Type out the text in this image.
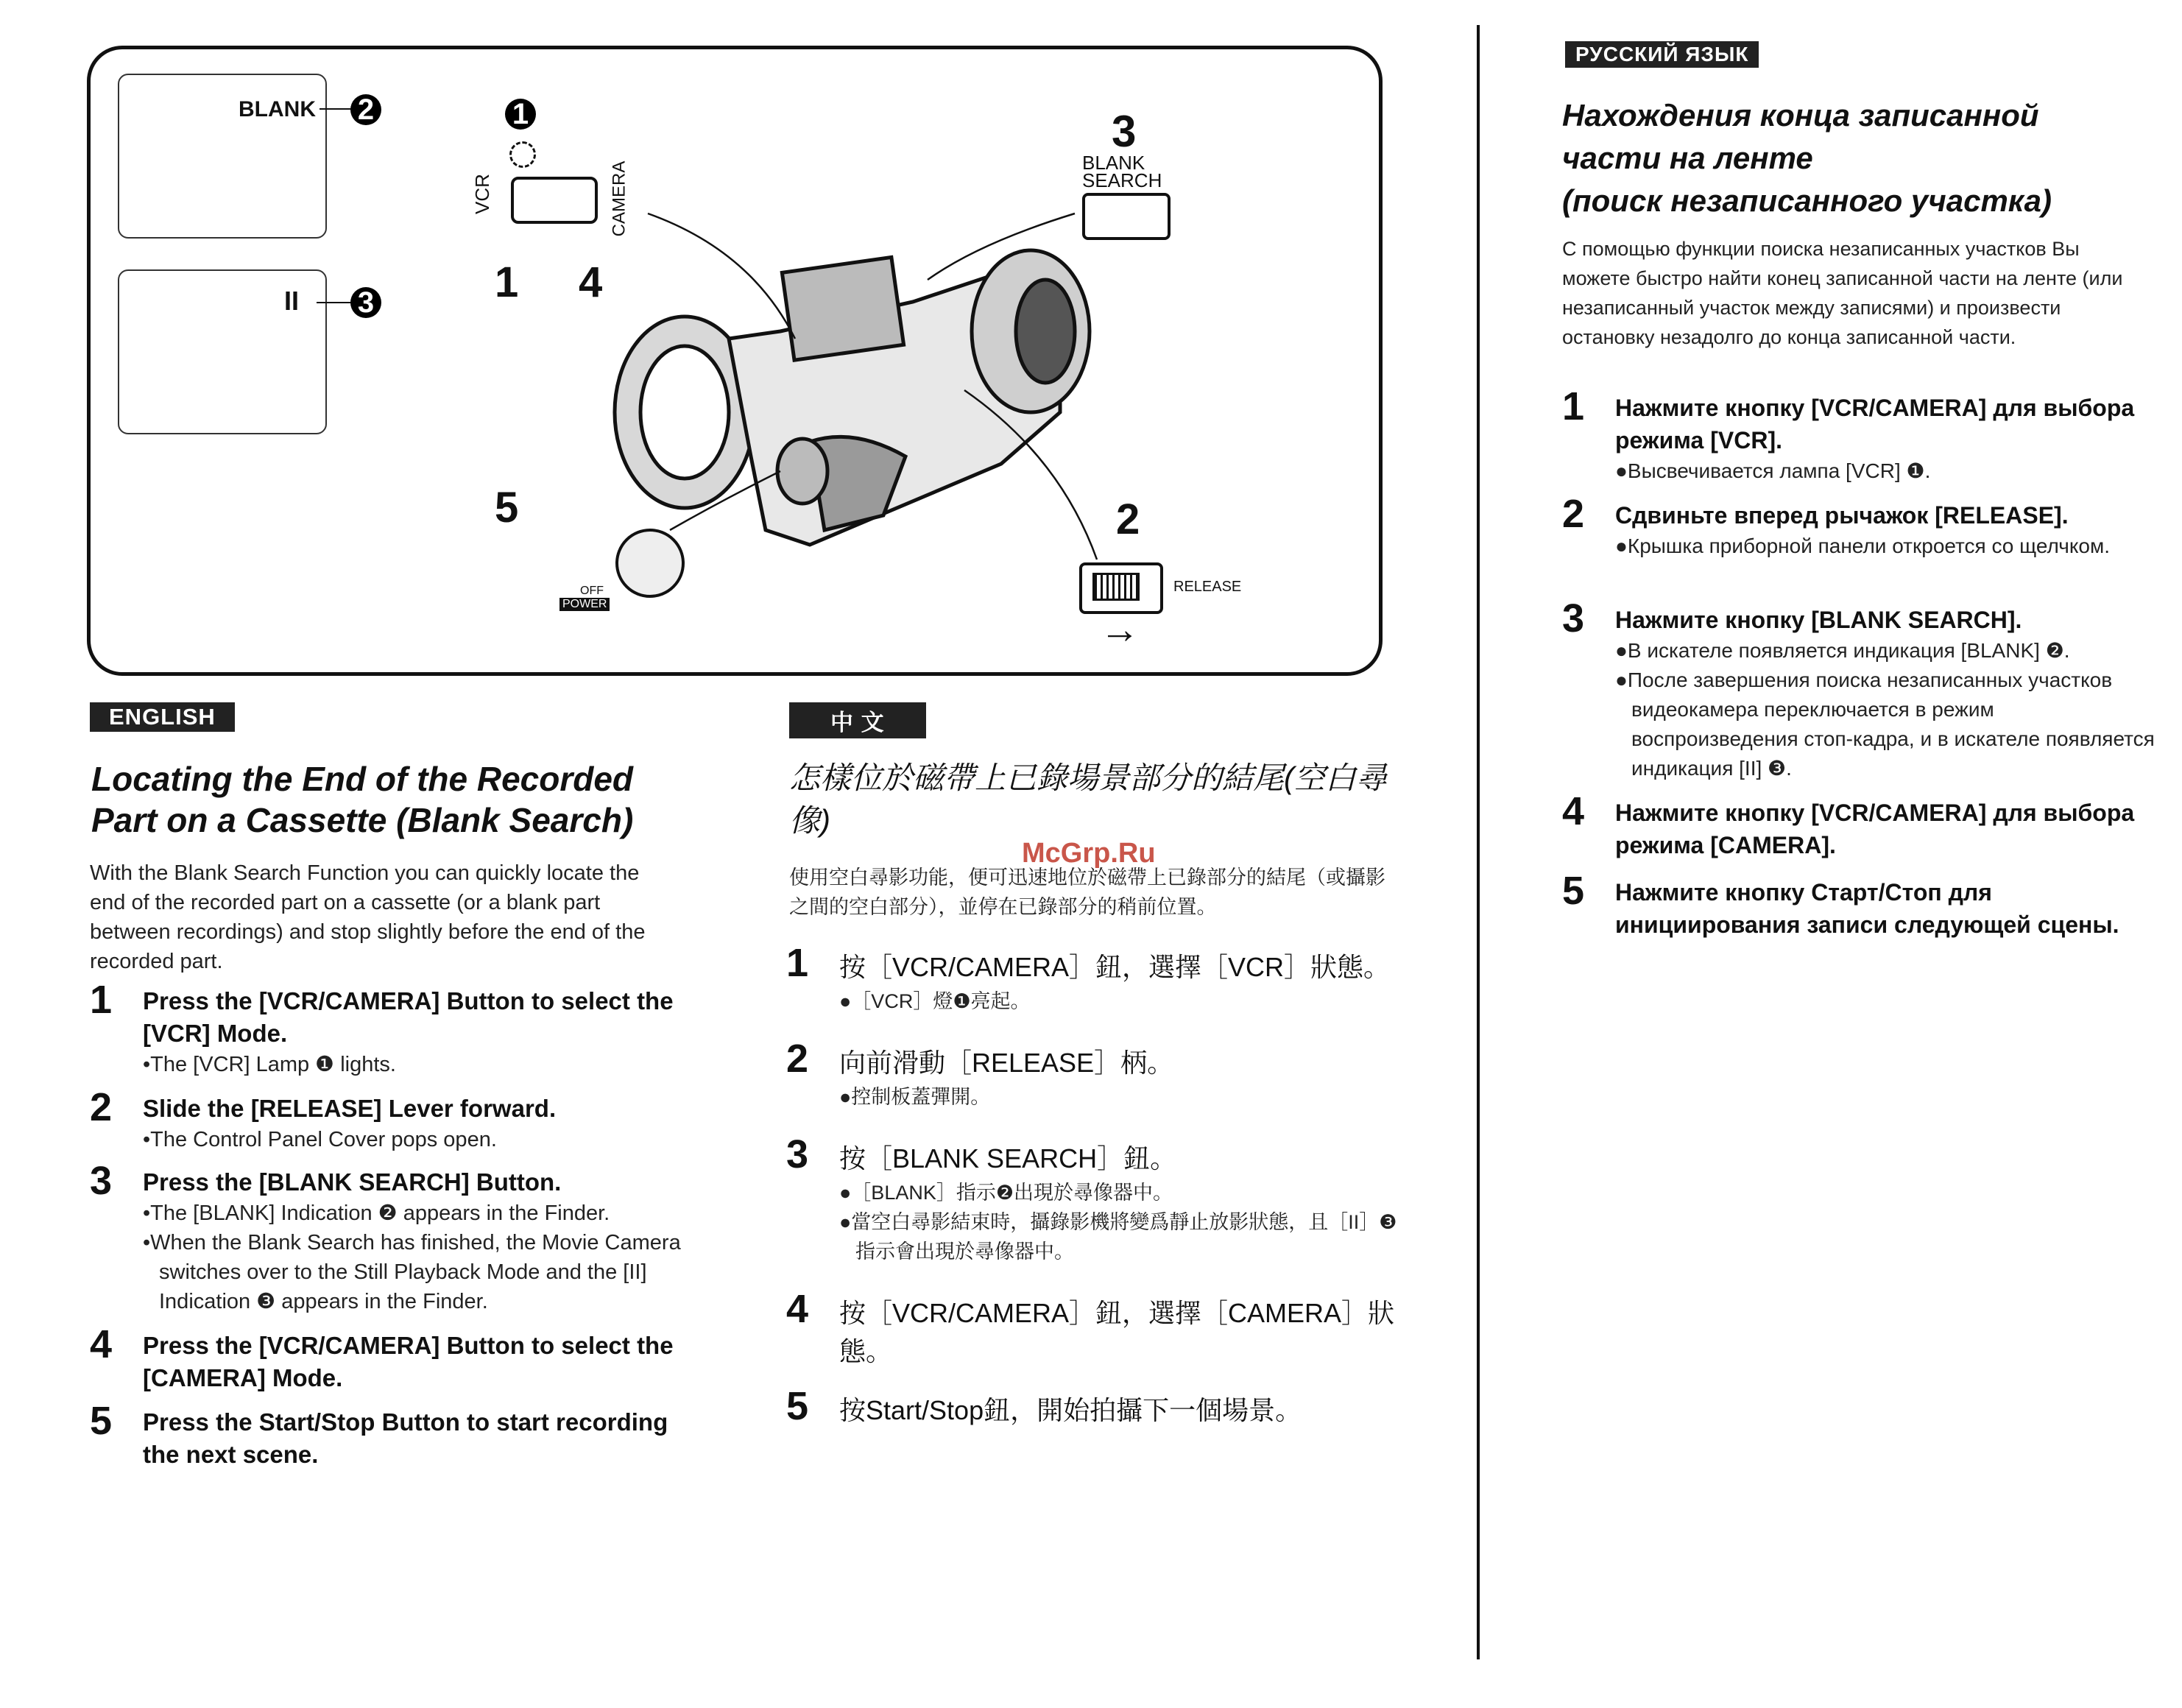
BLANK 2
II 3
1
VCR	CAMERA
1 4
3
BLANK
SEARCH
5
OFF
POWER
2
RELEASE
→
McGrp.Ru
ENGLISH
Locating the End of the Recorded
Part on a Cassette (Blank Search)
With the Blank Search Function you can quickly locate the end of the recorded part on a cassette (or a blank part between recordings) and stop slightly before the end of the recorded part.
1 Press the [VCR/CAMERA] Button to select the [VCR] Mode.
•The [VCR] Lamp ❶ lights.
2 Slide the [RELEASE] Lever forward.
•The Control Panel Cover pops open.
3 Press the [BLANK SEARCH] Button.
•The [BLANK] Indication ❷ appears in the Finder.
•When the Blank Search has finished, the Movie Camera switches over to the Still Playback Mode and the [II] Indication ❸ appears in the Finder.
4 Press the [VCR/CAMERA] Button to select the [CAMERA] Mode.
5 Press the Start/Stop Button to start recording the next scene.
中 文
怎樣位於磁帶上已錄場景部分的結尾(空白尋
像)
使用空白尋影功能，便可迅速地位於磁帶上已錄部分的結尾（或攝影之間的空白部分），並停在已錄部分的稍前位置。
1 按［VCR/CAMERA］鈕，選擇［VCR］狀態。
●［VCR］燈❶亮起。
2 向前滑動［RELEASE］柄。
●控制板蓋彈開。
3 按［BLANK SEARCH］鈕。
●［BLANK］指示❷出現於尋像器中。
●當空白尋影結束時，攝錄影機將變爲靜止放影狀態，且［II］❸指示會出現於尋像器中。
4 按［VCR/CAMERA］鈕，選擇［CAMERA］狀態。
5 按Start/Stop鈕，開始拍攝下一個場景。
РУССКИЙ ЯЗЫК
Нахождения конца записанной
части на ленте
(поиск незаписанного участка)
С помощью функции поиска незаписанных участков Вы можете быстро найти конец записанной части на ленте (или незаписанный участок между записями) и произвести остановку незадолго до конца записанной части.
1 Нажмите кнопку [VCR/CAMERA] для выбора режима [VCR].
●Высвечивается лампа [VCR] ❶.
2 Сдвиньте вперед рычажок [RELEASE].
●Крышка приборной панели откроется со щелчком.
3 Нажмите кнопку [BLANK SEARCH].
●В искателе появляется индикация [BLANK] ❷.
●После завершения поиска незаписанных участков видеокамера переключается в режим воспроизведения стоп-кадра, и в искателе появляется индикация [II] ❸.
4 Нажмите кнопку [VCR/CAMERA] для выбора режима [CAMERA].
5 Нажмите кнопку Старт/Стоп для инициирования записи следующей сцены.
